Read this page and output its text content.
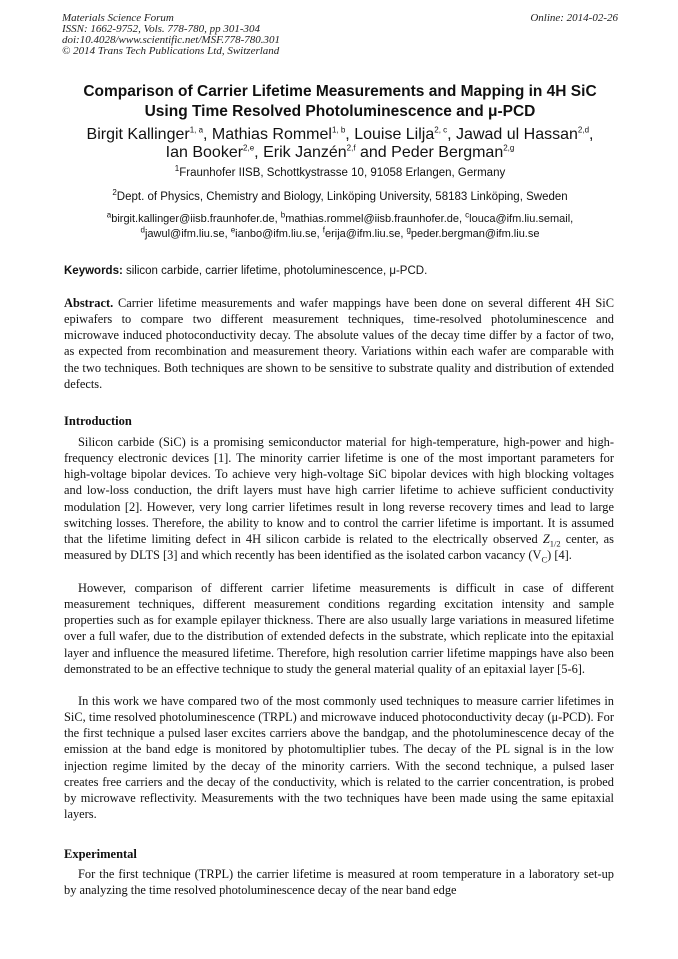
Materials Science Forum
ISSN: 1662-9752, Vols. 778-780, pp 301-304
doi:10.4028/www.scientific.net/MSF.778-780.301
© 2014 Trans Tech Publications Ltd, Switzerland
Online: 2014-02-26
Comparison of Carrier Lifetime Measurements and Mapping in 4H SiC
Using Time Resolved Photoluminescence and μ-PCD
Birgit Kallinger$^{1, a}$, Mathias Rommel$^{1, b}$, Louise Lilja$^{2, c}$, Jawad ul Hassan$^{2,d}$,
Ian Booker$^{2,e}$, Erik Janzén$^{2,f}$ and Peder Bergman$^{2,g}$
$^1$Fraunhofer IISB, Schottkystrasse 10, 91058 Erlangen, Germany
$^2$Dept. of Physics, Chemistry and Biology, Linköping University, 58183 Linköping, Sweden
$^a$birgit.kallinger@iisb.fraunhofer.de, $^b$mathias.rommel@iisb.fraunhofer.de, $^c$louca@ifm.liu.semail,
$^d$jawul@ifm.liu.se, $^e$ianbo@ifm.liu.se, $^f$erija@ifm.liu.se, $^g$peder.bergman@ifm.liu.se
Keywords: silicon carbide, carrier lifetime, photoluminescence, μ-PCD.
Abstract. Carrier lifetime measurements and wafer mappings have been done on several different 4H SiC epiwafers to compare two different measurement techniques, time-resolved photoluminescence and microwave induced photoconductivity decay. The absolute values of the decay time differ by a factor of two, as expected from recombination and measurement theory. Variations within each wafer are comparable with the two techniques. Both techniques are shown to be sensitive to substrate quality and distribution of extended defects.
Introduction

Silicon carbide (SiC) is a promising semiconductor material for high-temperature, high-power and high-frequency electronic devices [1]. The minority carrier lifetime is one of the most important parameters for high-voltage bipolar devices. To achieve very high-voltage SiC bipolar devices with high blocking voltages and low-loss conduction, the drift layers must have high carrier lifetime to achieve sufficient conductivity modulation [2]. However, very long carrier lifetimes result in long reverse recovery times and lead to large switching losses. Therefore, the ability to know and to control the carrier lifetime is important. It is assumed that the lifetime limiting defect in 4H silicon carbide is related to the electrically observed $Z_{1/2}$ center, as measured by DLTS [3] and which recently has been identified as the isolated carbon vacancy $(V_C)$ [4].

However, comparison of different carrier lifetime measurements is difficult in case of different measurement techniques, different measurement conditions regarding excitation intensity and sample properties such as for example epilayer thickness. There are also usually large variations in measured lifetime over a full wafer, due to the distribution of extended defects in the substrate, which replicate into the epitaxial layer and influence the measured lifetime. Therefore, high resolution carrier lifetime mappings have also been demonstrated to be an effective technique to study the general material quality of an epitaxial layer [5-6].

In this work we have compared two of the most commonly used techniques to measure carrier lifetimes in SiC, time resolved photoluminescence (TRPL) and microwave induced photoconductivity decay (μ-PCD). For the first technique a pulsed laser excites carriers above the bandgap, and the photoluminescence decay of the emission at the band edge is monitored by photomultiplier tubes. The decay of the PL signal is in the low injection regime limited by the decay of the minority carriers. With the second technique, a pulsed laser creates free carriers and the decay of the conductivity, which is related to the carrier concentration, is probed by microwave reflectivity. Measurements with the two techniques have been made using the same epitaxial layers.

Experimental

For the first technique (TRPL) the carrier lifetime is measured at room temperature in a laboratory set-up by analyzing the time resolved photoluminescence decay of the near band edge
